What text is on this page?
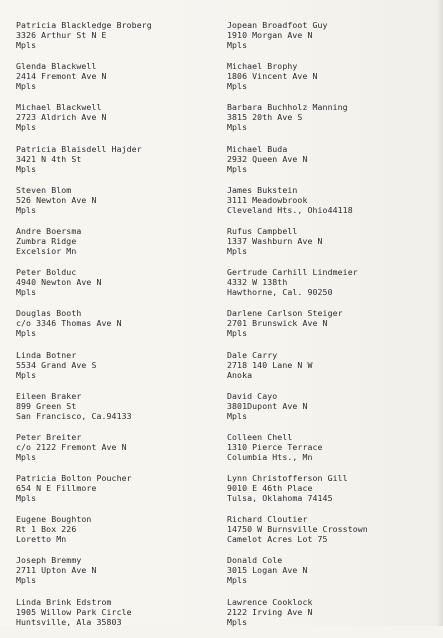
Patricia Blackledge Broberg
3326 Arthur St N E
Mpls
Glenda Blackwell
2414 Fremont Ave N
Mpls
Michael Blackwell
2723 Aldrich Ave N
Mpls
Patricia Blaisdell Hajder
3421 N 4th St
Mpls
Steven Blom
526 Newton Ave N
Mpls
Andre Boersma
Zumbra Ridge
Excelsior Mn
Peter Bolduc
4940 Newton Ave N
Mpls
Douglas Booth
c/o 3346 Thomas Ave N
Mpls
Linda Botner
5534 Grand Ave S
Mpls
Eileen Braker
899 Green St
San Francisco, Ca.94133
Peter Breiter
c/o 2122 Fremont Ave N
Mpls
Patricia Bolton Poucher
654 N E Fillmore
Mpls
Eugene Boughton
Rt 1 Box 226
Loretto Mn
Joseph Bremmy
2711 Upton Ave N
Mpls
Linda Brink Edstrom
1905 Willow Park Circle
Huntsville, Ala 35803
Jopean Broadfoot Guy
1910 Morgan Ave N
Mpls
Michael Brophy
1806 Vincent Ave N
Mpls
Barbara Buchholz Manning
3815 20th Ave S
Mpls
Michael Buda
2932 Queen Ave N
Mpls
James Bukstein
3111 Meadowbrook
Cleveland Hts., Ohio44118
Rufus Campbell
1337 Washburn Ave N
Mpls
Gertrude Carhill Lindmeier
4332 W 138th
Hawthorne, Cal. 90250
Darlene Carlson Steiger
2701 Brunswick Ave N
Mpls
Dale Carry
2718 140 Lane N W
Anoka
David Cayo
3801Dupont Ave N
Mpls
Colleen Chell
1310 Pierce Terrace
Columbia Hts., Mn
Lynn Christofferson Gill
9010 E 46th Place
Tulsa, Oklahoma 74145
Richard Cloutier
14750 W Burnsville Crosstown
Camelot Acres Lot 75
Donald Cole
3015 Logan Ave N
Mpls
Lawrence Cooklock
2122 Irving Ave N
Mpls
